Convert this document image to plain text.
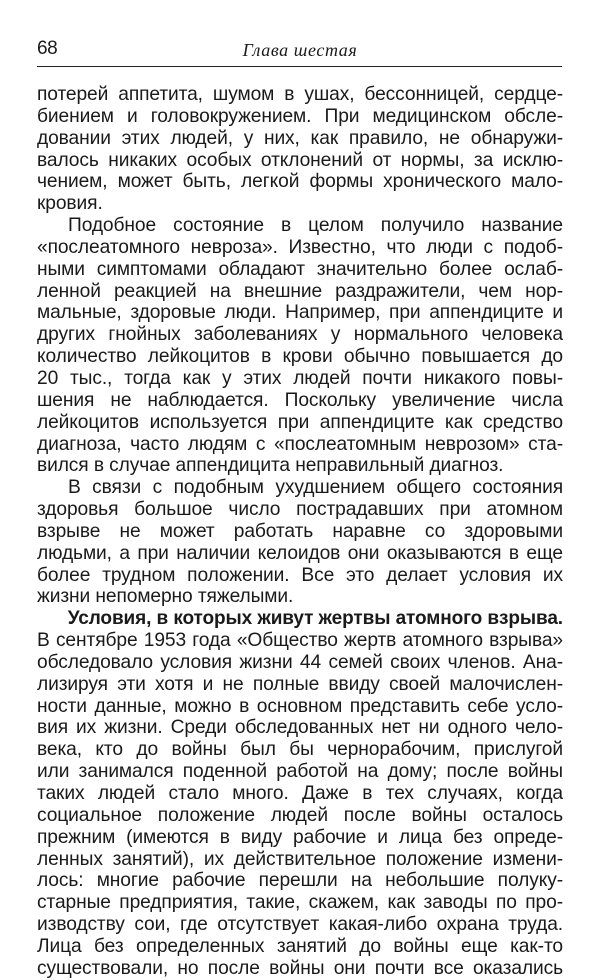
68	Глава шестая
потерей аппетита, шумом в ушах, бессонницей, сердце-
биением и головокружением. При медицинском обсле-
довании этих людей, у них, как правило, не обнаружи-
валось никаких особых отклонений от нормы, за исклю-
чением, может быть, легкой формы хронического мало-
кровия.
Подобное состояние в целом получило название
«послеатомного невроза». Известно, что люди с подоб-
ными симптомами обладают значительно более ослаб-
ленной реакцией на внешние раздражители, чем нор-
мальные, здоровые люди. Например, при аппендиците и
других гнойных заболеваниях у нормального человека
количество лейкоцитов в крови обычно повышается до
20 тыс., тогда как у этих людей почти никакого повы-
шения не наблюдается. Поскольку увеличение числа
лейкоцитов используется при аппендиците как средство
диагноза, часто людям с «послеатомным неврозом» ста-
вился в случае аппендицита неправильный диагноз.
В связи с подобным ухудшением общего состояния
здоровья большое число пострадавших при атомном
взрыве не может работать наравне со здоровыми
людьми, а при наличии келоидов они оказываются в еще
более трудном положении. Все это делает условия их
жизни непомерно тяжелыми.
Условия, в которых живут жертвы атомного взрыва.
В сентябре 1953 года «Общество жертв атомного взрыва»
обследовало условия жизни 44 семей своих членов. Ана-
лизируя эти хотя и не полные ввиду своей малочислен-
ности данные, можно в основном представить себе усло-
вия их жизни. Среди обследованных нет ни одного чело-
века, кто до войны был бы чернорабочим, прислугой
или занимался поденной работой на дому; после войны
таких людей стало много. Даже в тех случаях, когда
социальное положение людей после войны осталось
прежним (имеются в виду рабочие и лица без опреде-
ленных занятий), их действительное положение измени-
лось: многие рабочие перешли на небольшие полуку-
старные предприятия, такие, скажем, как заводы по про-
изводству сои, где отсутствует какая-либо охрана труда.
Лица без определенных занятий до войны еще как-то
существовали, но после войны они почти все оказались
